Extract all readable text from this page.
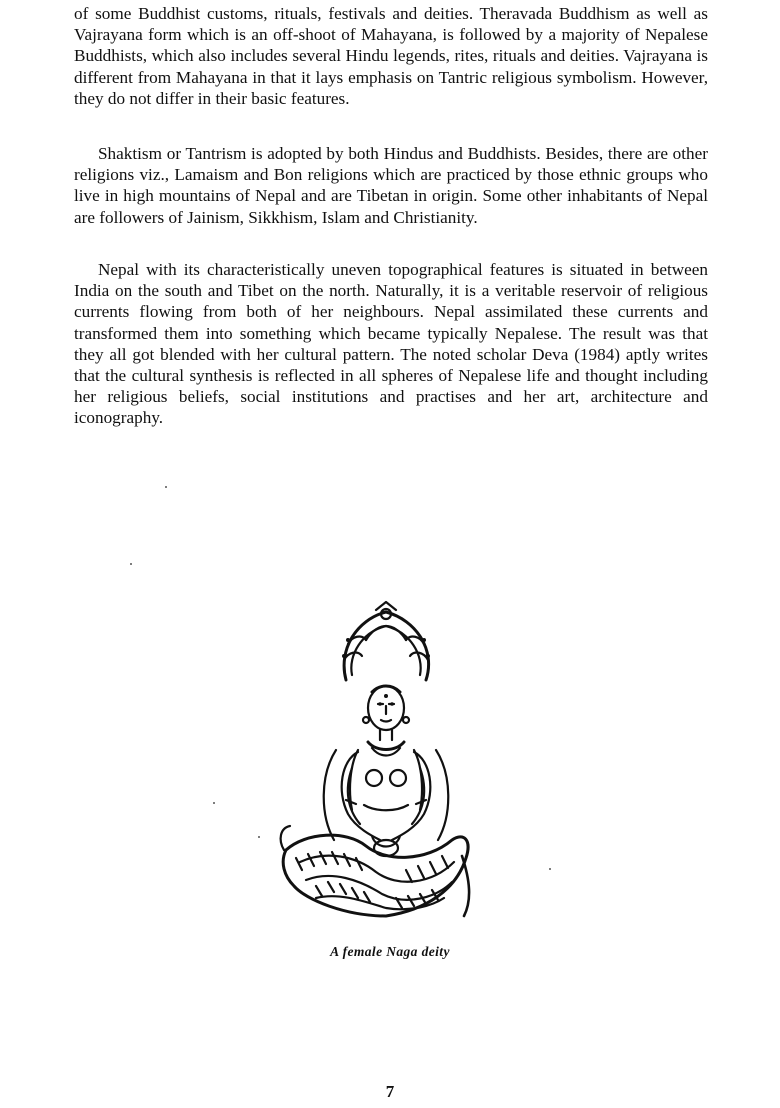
of some Buddhist customs, rituals, festivals and deities. Theravada Buddhism as well as Vajrayana form which is an off-shoot of Mahayana, is followed by a majority of Nepalese Buddhists, which also includes several Hindu legends, rites, rituals and deities. Vajrayana is different from Mahayana in that it lays emphasis on Tantric religious symbolism. However, they do not differ in their basic features.

Shaktism or Tantrism is adopted by both Hindus and Buddhists. Besides, there are other religions viz., Lamaism and Bon religions which are practiced by those ethnic groups who live in high mountains of Nepal and are Tibetan in origin. Some other inhabitants of Nepal are followers of Jainism, Sikkhism, Islam and Christianity.

Nepal with its characteristically uneven topographical features is situated in between India on the south and Tibet on the north. Naturally, it is a veritable reservoir of religious currents flowing from both of her neighbours. Nepal assimilated these currents and transformed them into something which became typically Nepalese. The result was that they all got blended with her cultural pattern. The noted scholar Deva (1984) aptly writes that the cultural synthesis is reflected in all spheres of Nepalese life and thought including her religious beliefs, social institutions and practises and her art, architecture and iconography.

A female Naga deity
7
